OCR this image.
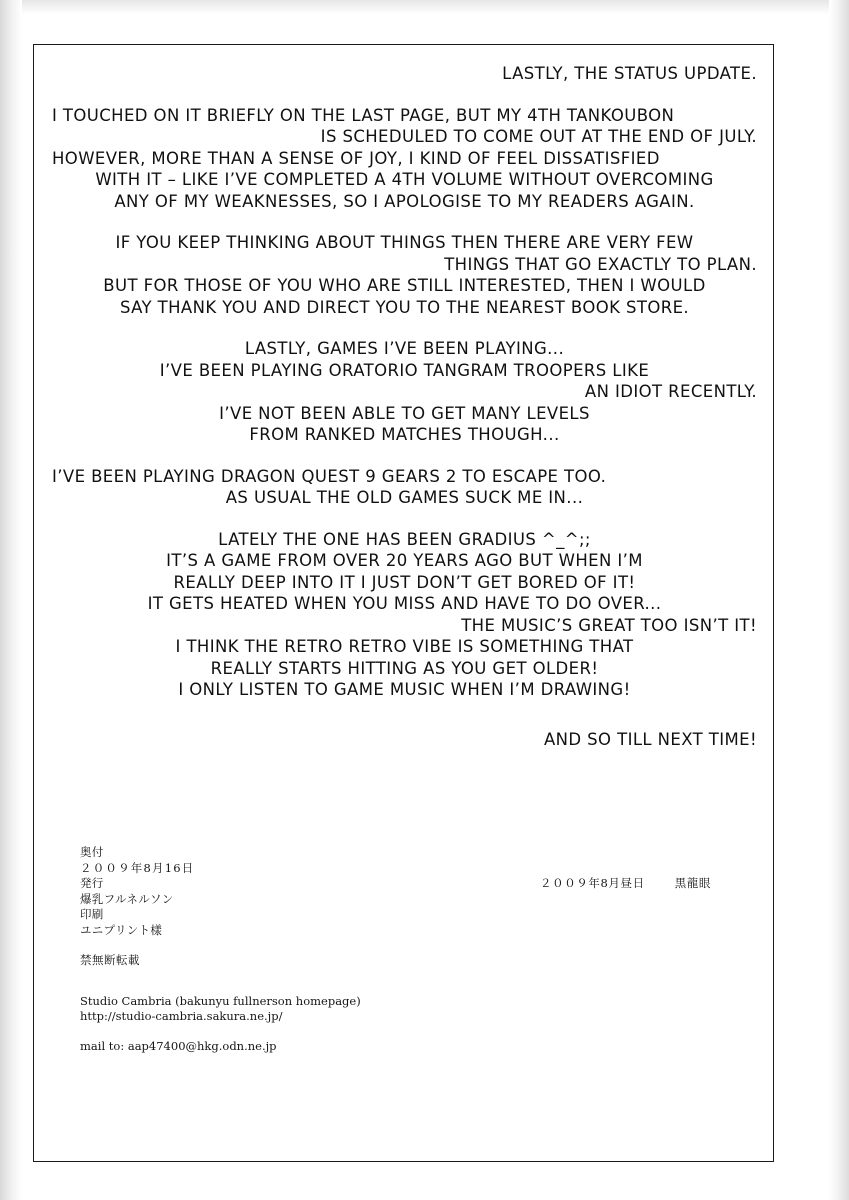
LASTLY, THE STATUS UPDATE.
I TOUCHED ON IT BRIEFLY ON THE LAST PAGE, BUT MY 4TH TANKOUBON
IS SCHEDULED TO COME OUT AT THE END OF JULY.
HOWEVER, MORE THAN A SENSE OF JOY, I KIND OF FEEL DISSATISFIED
WITH IT – LIKE I’VE COMPLETED A 4TH VOLUME WITHOUT OVERCOMING
ANY OF MY WEAKNESSES, SO I APOLOGISE TO MY READERS AGAIN.
IF YOU KEEP THINKING ABOUT THINGS THEN THERE ARE VERY FEW
THINGS THAT GO EXACTLY TO PLAN.
BUT FOR THOSE OF YOU WHO ARE STILL INTERESTED, THEN I WOULD
SAY THANK YOU AND DIRECT YOU TO THE NEAREST BOOK STORE.
LASTLY, GAMES I’VE BEEN PLAYING...
I’VE BEEN PLAYING ORATORIO TANGRAM TROOPERS LIKE
AN IDIOT RECENTLY.
I’VE NOT BEEN ABLE TO GET MANY LEVELS
FROM RANKED MATCHES THOUGH...
I’VE BEEN PLAYING DRAGON QUEST 9 GEARS 2 TO ESCAPE TOO.
AS USUAL THE OLD GAMES SUCK ME IN...
LATELY THE ONE HAS BEEN GRADIUS ^_^;;
IT’S A GAME FROM OVER 20 YEARS AGO BUT WHEN I’M
REALLY DEEP INTO IT I JUST DON’T GET BORED OF IT!
IT GETS HEATED WHEN YOU MISS AND HAVE TO DO OVER...
THE MUSIC’S GREAT TOO ISN’T IT!
I THINK THE RETRO RETRO VIBE IS SOMETHING THAT
REALLY STARTS HITTING AS YOU GET OLDER!
I ONLY LISTEN TO GAME MUSIC WHEN I’M DRAWING!
AND SO TILL NEXT TIME!
奥付
２００９年8月16日
発行
爆乳フルネルソン
印刷
ユニプリント樣
２００９年8月昼日	黒龍眼
禁無断転載
Studio Cambria (bakunyu fullnerson homepage)
http://studio-cambria.sakura.ne.jp/
mail to: aap47400@hkg.odn.ne.jp
